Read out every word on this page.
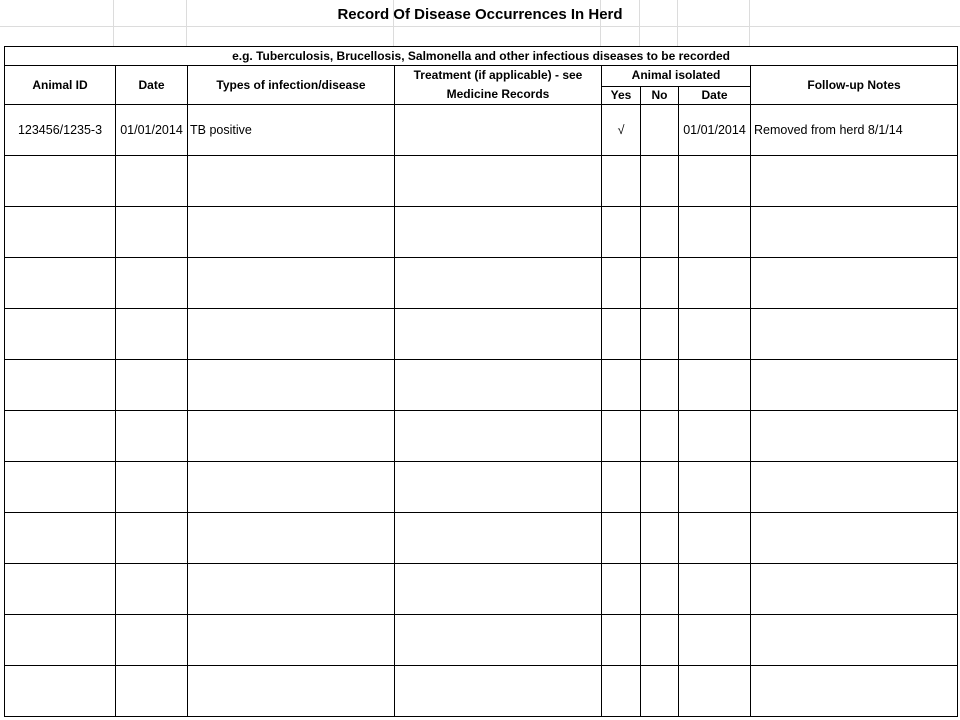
Record Of Disease Occurrences In Herd
e.g. Tuberculosis, Brucellosis, Salmonella and other infectious diseases to be recorded							
Animal ID	Date	Types of infection/disease	Treatment (if applicable) - see Medicine Records	Animal isolated			Follow-up Notes
				Yes	No	Date	
123456/1235-3	01/01/2014	TB positive		√		01/01/2014	Removed from herd 8/1/14
